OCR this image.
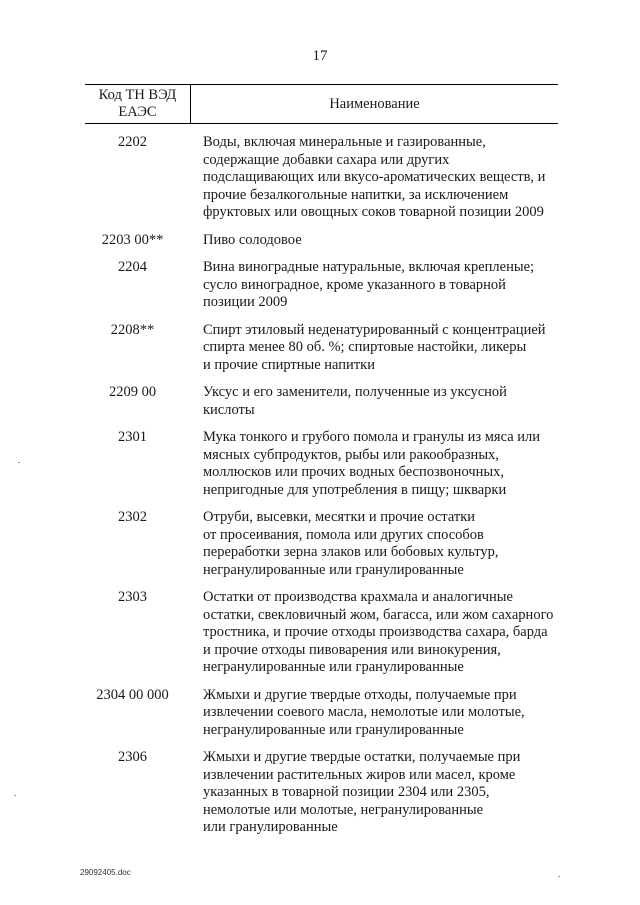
17
Код ТН ВЭД
ЕАЭС	Наименование
2202	Воды, включая минеральные и газированные,
содержащие добавки сахара или других
подслащивающих или вкусо-ароматических веществ, и
прочие безалкогольные напитки, за исключением
фруктовых или овощных соков товарной позиции 2009
2203 00**	Пиво солодовое
2204	Вина виноградные натуральные, включая крепленые;
сусло виноградное, кроме указанного в товарной
позиции 2009
2208**	Спирт этиловый неденатурированный с концентрацией
спирта менее 80 об. %; спиртовые настойки, ликеры
и прочие спиртные напитки
2209 00	Уксус и его заменители, полученные из уксусной
кислоты
2301	Мука тонкого и грубого помола и гранулы из мяса или
мясных субпродуктов, рыбы или ракообразных,
моллюсков или прочих водных беспозвоночных,
непригодные для употребления в пищу; шкварки
2302	Отруби, высевки, месятки и прочие остатки
от просеивания, помола или других способов
переработки зерна злаков или бобовых культур,
негранулированные или гранулированные
2303	Остатки от производства крахмала и аналогичные
остатки, свекловичный жом, багасса, или жом сахарного
тростника, и прочие отходы производства сахара, барда
и прочие отходы пивоварения или винокурения,
негранулированные или гранулированные
2304 00 000	Жмыхи и другие твердые отходы, получаемые при
извлечении соевого масла, немолотые или молотые,
негранулированные или гранулированные
2306	Жмыхи и другие твердые остатки, получаемые при
извлечении растительных жиров или масел, кроме
указанных в товарной позиции 2304 или 2305,
немолотые или молотые, негранулированные
или гранулированные
29092405.doc
